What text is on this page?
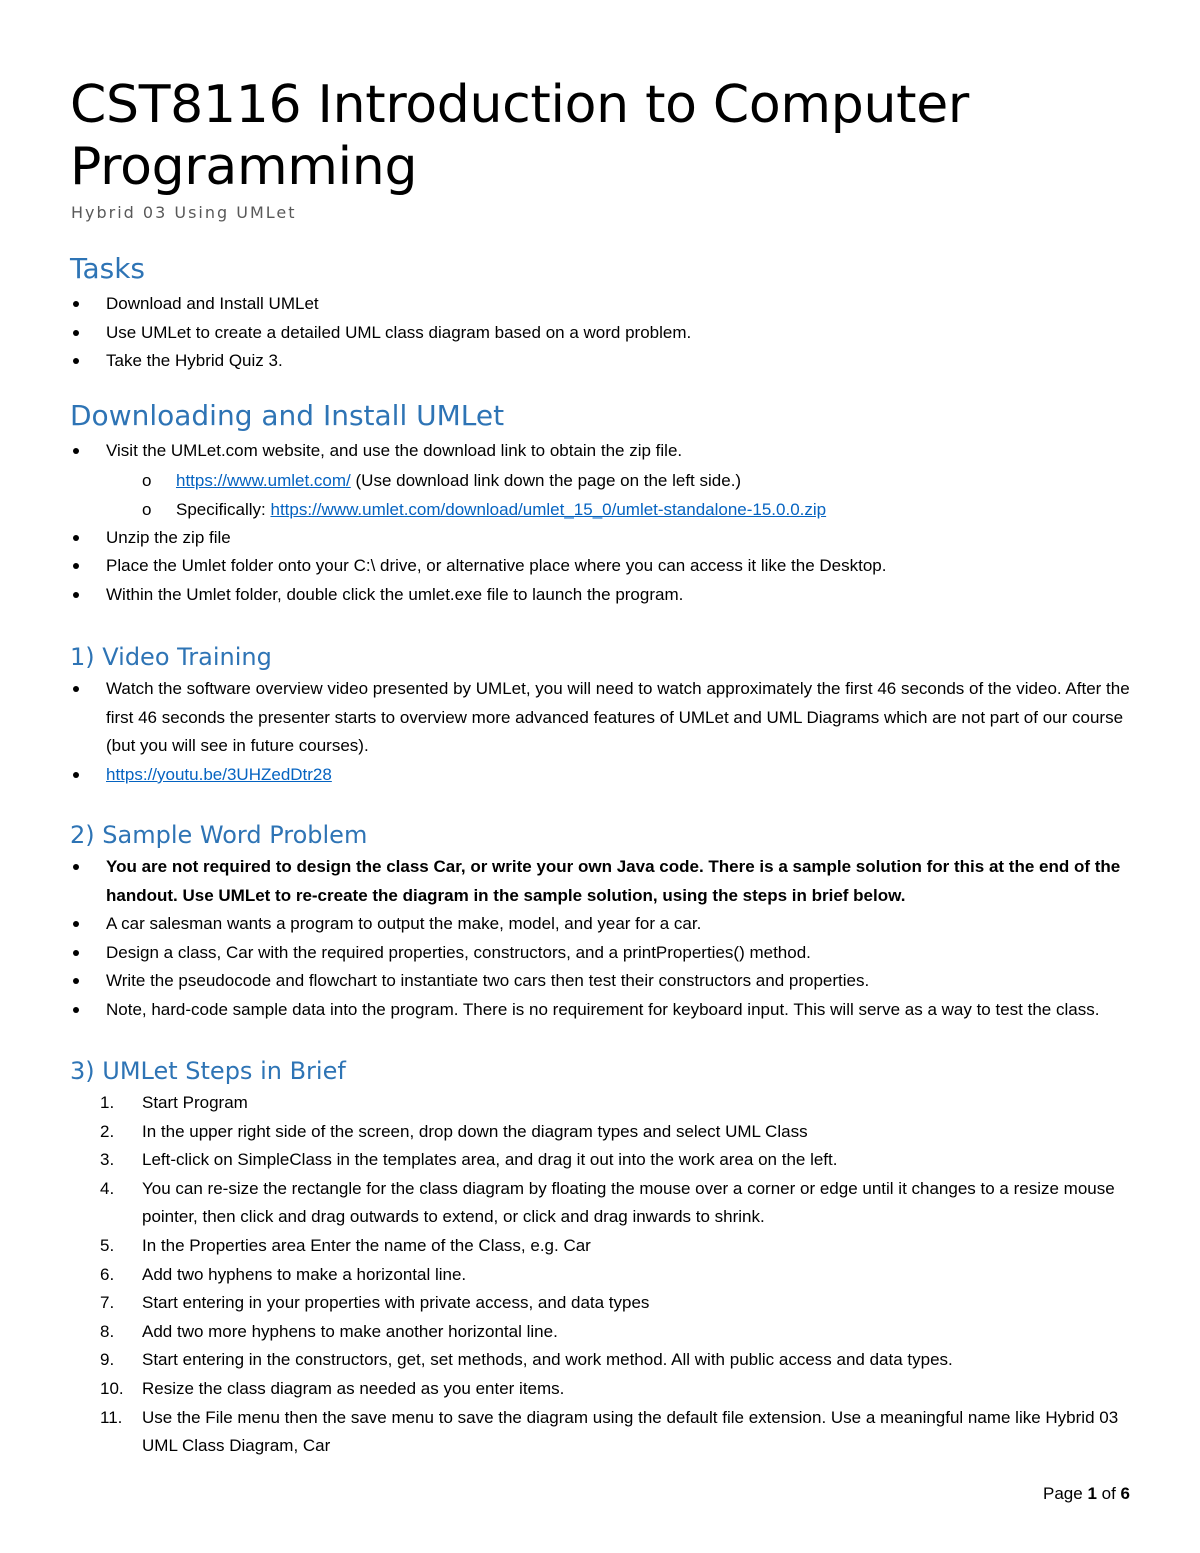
CST8116 Introduction to Computer Programming
Hybrid 03 Using UMLet
Tasks
Download and Install UMLet
Use UMLet to create a detailed UML class diagram based on a word problem.
Take the Hybrid Quiz 3.
Downloading and Install UMLet
Visit the UMLet.com website, and use the download link to obtain the zip file.
o https://www.umlet.com/ (Use download link down the page on the left side.)
o Specifically: https://www.umlet.com/download/umlet_15_0/umlet-standalone-15.0.0.zip
Unzip the zip file
Place the Umlet folder onto your C:\ drive, or alternative place where you can access it like the Desktop.
Within the Umlet folder, double click the umlet.exe file to launch the program.
1) Video Training
Watch the software overview video presented by UMLet, you will need to watch approximately the first 46 seconds of the video. After the first 46 seconds the presenter starts to overview more advanced features of UMLet and UML Diagrams which are not part of our course (but you will see in future courses).
https://youtu.be/3UHZedDtr28
2) Sample Word Problem
You are not required to design the class Car, or write your own Java code. There is a sample solution for this at the end of the handout. Use UMLet to re-create the diagram in the sample solution, using the steps in brief below.
A car salesman wants a program to output the make, model, and year for a car.
Design a class, Car with the required properties, constructors, and a printProperties() method.
Write the pseudocode and flowchart to instantiate two cars then test their constructors and properties.
Note, hard-code sample data into the program. There is no requirement for keyboard input. This will serve as a way to test the class.
3) UMLet Steps in Brief
1.	Start Program
2.	In the upper right side of the screen, drop down the diagram types and select UML Class
3.	Left-click on SimpleClass in the templates area, and drag it out into the work area on the left.
4.	You can re-size the rectangle for the class diagram by floating the mouse over a corner or edge until it changes to a resize mouse pointer, then click and drag outwards to extend, or click and drag inwards to shrink.
5.	In the Properties area Enter the name of the Class, e.g. Car
6.	Add two hyphens to make a horizontal line.
7.	Start entering in your properties with private access, and data types
8.	Add two more hyphens to make another horizontal line.
9.	Start entering in the constructors, get, set methods, and work method. All with public access and data types.
10.	Resize the class diagram as needed as you enter items.
11.	Use the File menu then the save menu to save the diagram using the default file extension. Use a meaningful name like Hybrid 03 UML Class Diagram, Car
Page 1 of 6
